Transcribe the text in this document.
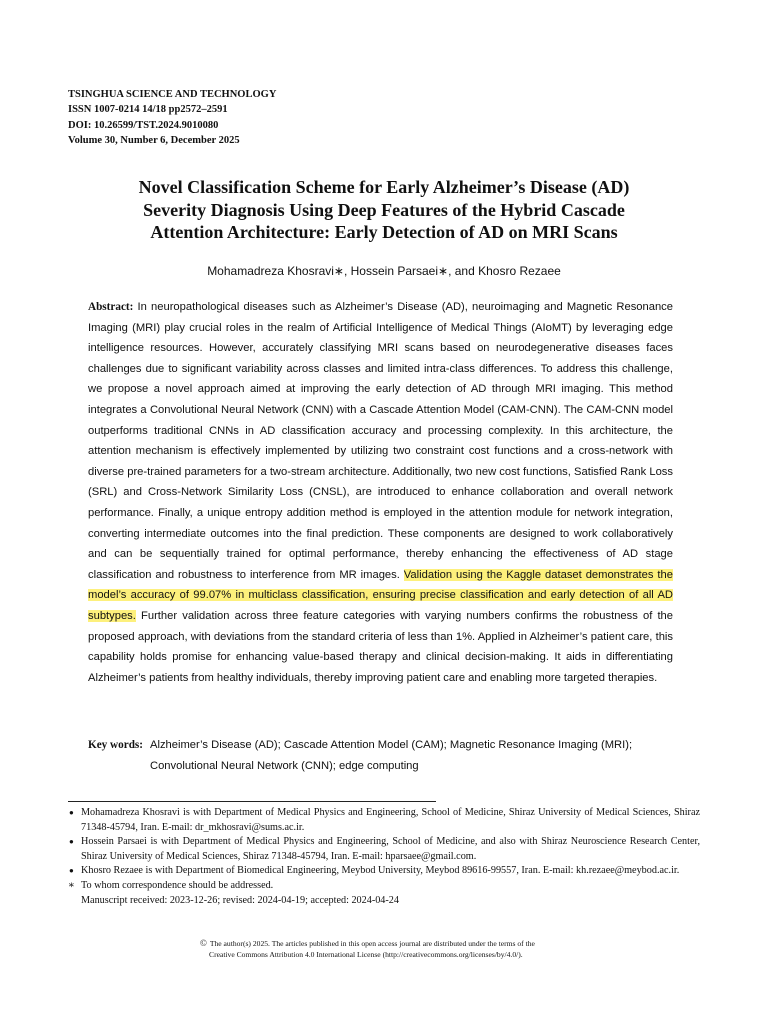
TSINGHUA SCIENCE AND TECHNOLOGY
ISSN 1007-0214 14/18 pp2572–2591
DOI: 10.26599/TST.2024.9010080
Volume 30, Number 6, December 2025
Novel Classification Scheme for Early Alzheimer’s Disease (AD)
Severity Diagnosis Using Deep Features of the Hybrid Cascade
Attention Architecture: Early Detection of AD on MRI Scans
Mohamadreza Khosravi∗, Hossein Parsaei∗, and Khosro Rezaee
Abstract: In neuropathological diseases such as Alzheimer’s Disease (AD), neuroimaging and Magnetic Resonance Imaging (MRI) play crucial roles in the realm of Artificial Intelligence of Medical Things (AIoMT) by leveraging edge intelligence resources. However, accurately classifying MRI scans based on neurodegenerative diseases faces challenges due to significant variability across classes and limited intra-class differences. To address this challenge, we propose a novel approach aimed at improving the early detection of AD through MRI imaging. This method integrates a Convolutional Neural Network (CNN) with a Cascade Attention Model (CAM-CNN). The CAM-CNN model outperforms traditional CNNs in AD classification accuracy and processing complexity. In this architecture, the attention mechanism is effectively implemented by utilizing two constraint cost functions and a cross-network with diverse pre-trained parameters for a two-stream architecture. Additionally, two new cost functions, Satisfied Rank Loss (SRL) and Cross-Network Similarity Loss (CNSL), are introduced to enhance collaboration and overall network performance. Finally, a unique entropy addition method is employed in the attention module for network integration, converting intermediate outcomes into the final prediction. These components are designed to work collaboratively and can be sequentially trained for optimal performance, thereby enhancing the effectiveness of AD stage classification and robustness to interference from MR images. Validation using the Kaggle dataset demonstrates the model’s accuracy of 99.07% in multiclass classification, ensuring precise classification and early detection of all AD subtypes. Further validation across three feature categories with varying numbers confirms the robustness of the proposed approach, with deviations from the standard criteria of less than 1%. Applied in Alzheimer’s patient care, this capability holds promise for enhancing value-based therapy and clinical decision-making. It aids in differentiating Alzheimer’s patients from healthy individuals, thereby improving patient care and enabling more targeted therapies.
Key words: Alzheimer’s Disease (AD); Cascade Attention Model (CAM); Magnetic Resonance Imaging (MRI); Convolutional Neural Network (CNN); edge computing
● Mohamadreza Khosravi is with Department of Medical Physics and Engineering, School of Medicine, Shiraz University of Medical Sciences, Shiraz 71348-45794, Iran. E-mail: dr_mkhosravi@sums.ac.ir.
● Hossein Parsaei is with Department of Medical Physics and Engineering, School of Medicine, and also with Shiraz Neuroscience Research Center, Shiraz University of Medical Sciences, Shiraz 71348-45794, Iran. E-mail: hparsaee@gmail.com.
● Khosro Rezaee is with Department of Biomedical Engineering, Meybod University, Meybod 89616-99557, Iran. E-mail: kh.rezaee@meybod.ac.ir.
∗ To whom correspondence should be addressed.
Manuscript received: 2023-12-26; revised: 2024-04-19; accepted: 2024-04-24
© The author(s) 2025. The articles published in this open access journal are distributed under the terms of the
Creative Commons Attribution 4.0 International License (http://creativecommons.org/licenses/by/4.0/).
